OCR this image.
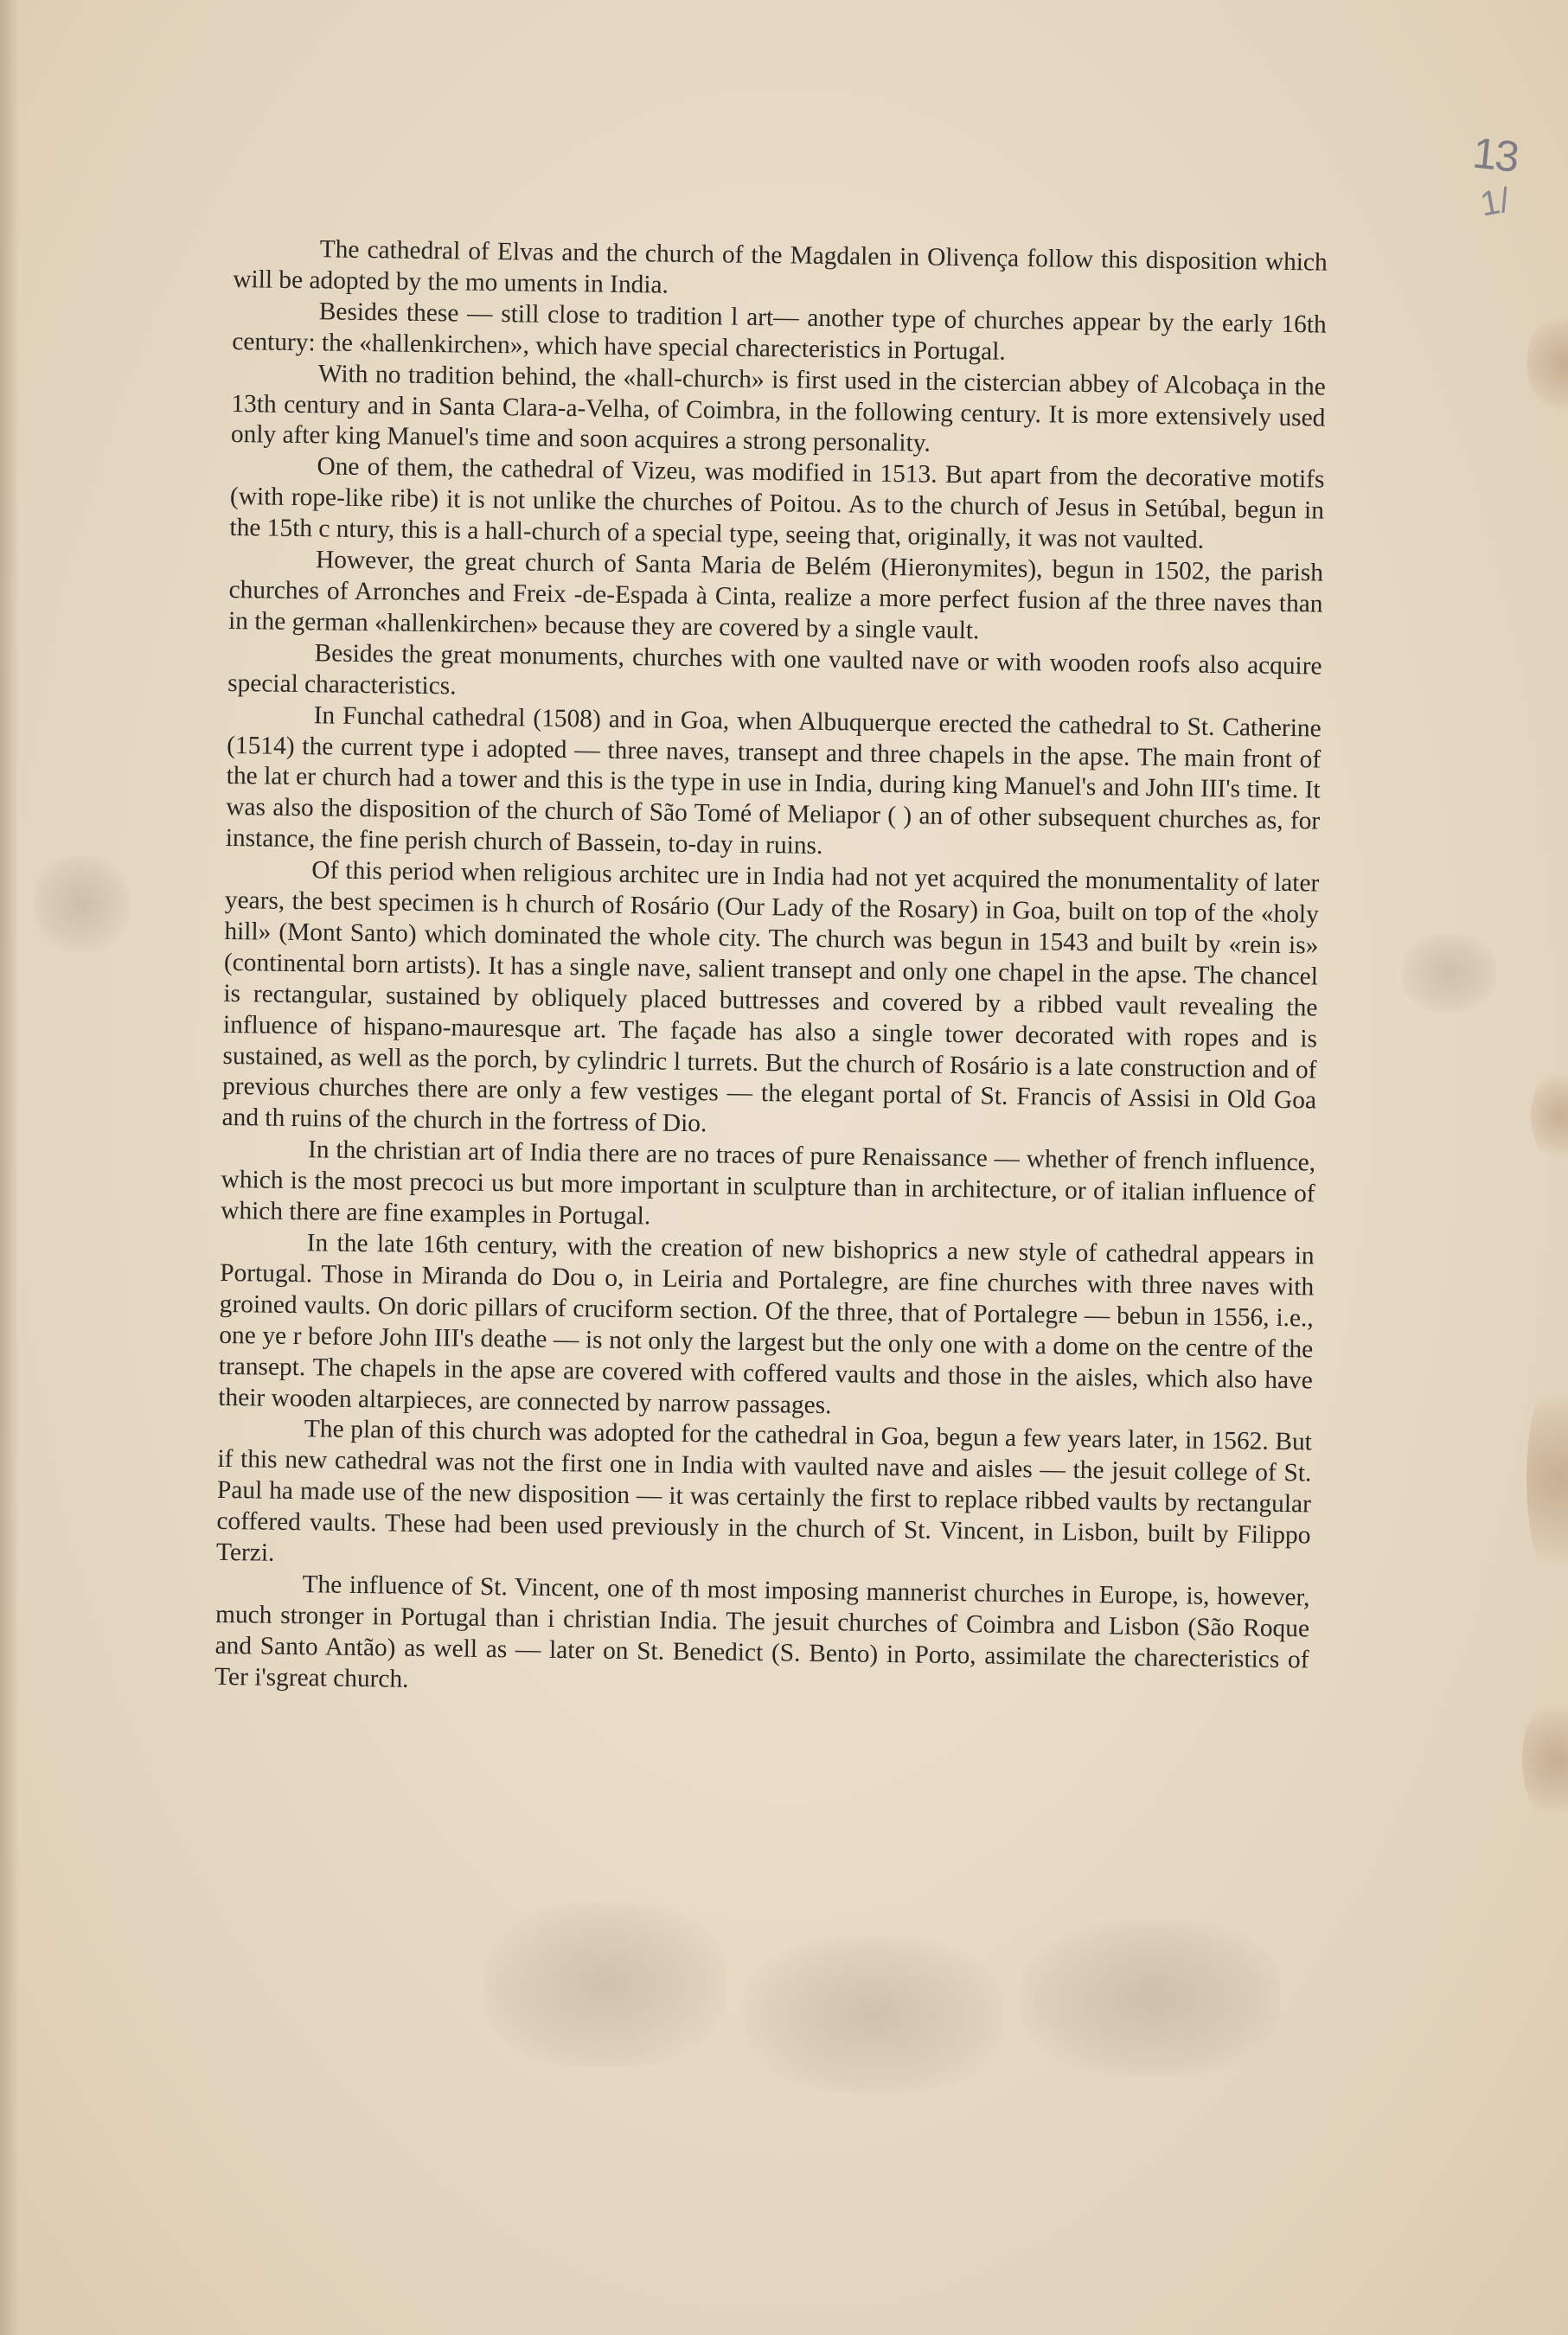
13
1/

The cathedral of Elvas and the church of the Magdalen in Olivença follow this disposition which will be adopted by the mo uments in India.

Besides these — still close to tradition l art— another type of churches appear by the early 16th century: the «hallenkirchen», which have special charecteristics in Portugal.

With no tradition behind, the «hall-church» is first used in the cistercian abbey of Alcobaça in the 13th century and in Santa Clara-a-Velha, of Coimbra, in the following century. It is more extensively used only after king Manuel's time and soon acquires a strong personality.

One of them, the cathedral of Vizeu, was modified in 1513. But apart from the decorative motifs (with rope-like ribe) it is not unlike the churches of Poitou. As to the church of Jesus in Setúbal, begun in the 15th c ntury, this is a hall-church of a special type, seeing that, originally, it was not vaulted.

However, the great church of Santa Maria de Belém (Hieronymites), begun in 1502, the parish churches of Arronches and Freix -de-Espada à Cinta, realize a more perfect fusion af the three naves than in the german «hallenkirchen» because they are covered by a single vault.

Besides the great monuments, churches with one vaulted nave or with wooden roofs also acquire special characteristics.

In Funchal cathedral (1508) and in Goa, when Albuquerque erected the cathedral to St. Catherine (1514) the current type i adopted — three naves, transept and three chapels in the apse. The main front of the lat er church had a tower and this is the type in use in India, during king Manuel's and John III's time. It was also the disposition of the church of São Tomé of Meliapor ( ) an of other subsequent churches as, for instance, the fine perish church of Bassein, to-day in ruins.

Of this period when religious architec ure in India had not yet acquired the monumentality of later years, the best specimen is h church of Rosário (Our Lady of the Rosary) in Goa, built on top of the «holy hill» (Mont Santo) which dominated the whole city. The church was begun in 1543 and built by «rein is» (continental born artists). It has a single nave, salient transept and only one chapel in the apse. The chancel is rectangular, sustained by obliquely placed buttresses and covered by a ribbed vault revealing the influence of hispano-mauresque art. The façade has also a single tower decorated with ropes and is sustained, as well as the porch, by cylindric l turrets. But the church of Rosário is a late construction and of previous churches there are only a few vestiges — the elegant portal of St. Francis of Assisi in Old Goa and th ruins of the church in the fortress of Dio.

In the christian art of India there are no traces of pure Renaissance — whether of french influence, which is the most precoci us but more important in sculpture than in architecture, or of italian influence of which there are fine examples in Portugal.

In the late 16th century, with the creation of new bishoprics a new style of cathedral appears in Portugal. Those in Miranda do Dou o, in Leiria and Portalegre, are fine churches with three naves with groined vaults. On doric pillars of cruciform section. Of the three, that of Portalegre — bebun in 1556, i.e., one ye r before John III's deathe — is not only the largest but the only one with a dome on the centre of the transept. The chapels in the apse are covered with coffered vaults and those in the aisles, which also have their wooden altarpieces, are connected by narrow passages.

The plan of this church was adopted for the cathedral in Goa, begun a few years later, in 1562. But if this new cathedral was not the first one in India with vaulted nave and aisles — the jesuit college of St. Paul ha made use of the new disposition — it was certainly the first to replace ribbed vaults by rectangular coffered vaults. These had been used previously in the church of St. Vincent, in Lisbon, built by Filippo Terzi.

The influence of St. Vincent, one of th most imposing mannerist churches in Europe, is, however, much stronger in Portugal than i christian India. The jesuit churches of Coimbra and Lisbon (São Roque and Santo Antão) as well as — later on St. Benedict (S. Bento) in Porto, assimilate the charecteristics of Ter i'sgreat church.
